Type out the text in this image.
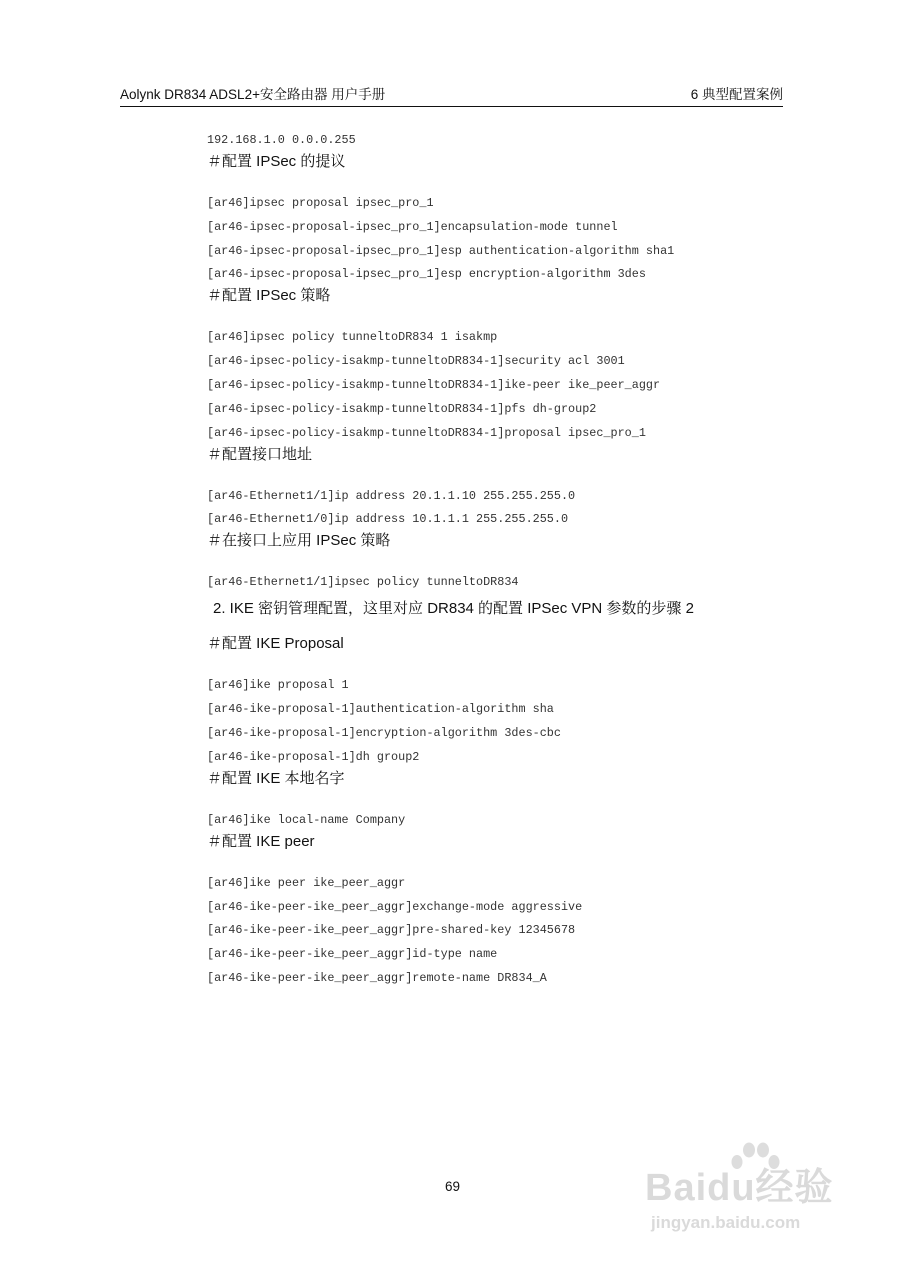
Aolynk DR834 ADSL2+安全路由器 用户手册	6 典型配置案例
192.168.1.0 0.0.0.255
＃配置 IPSec 的提议
[ar46]ipsec proposal ipsec_pro_1
[ar46-ipsec-proposal-ipsec_pro_1]encapsulation-mode tunnel
[ar46-ipsec-proposal-ipsec_pro_1]esp authentication-algorithm sha1
[ar46-ipsec-proposal-ipsec_pro_1]esp encryption-algorithm 3des
＃配置 IPSec 策略
[ar46]ipsec policy tunneltoDR834 1 isakmp
[ar46-ipsec-policy-isakmp-tunneltoDR834-1]security acl 3001
[ar46-ipsec-policy-isakmp-tunneltoDR834-1]ike-peer ike_peer_aggr
[ar46-ipsec-policy-isakmp-tunneltoDR834-1]pfs dh-group2
[ar46-ipsec-policy-isakmp-tunneltoDR834-1]proposal ipsec_pro_1
＃配置接口地址
[ar46-Ethernet1/1]ip address 20.1.1.10 255.255.255.0
[ar46-Ethernet1/0]ip address 10.1.1.1 255.255.255.0
＃在接口上应用 IPSec 策略
[ar46-Ethernet1/1]ipsec policy tunneltoDR834
2. IKE 密钥管理配置，这里对应 DR834 的配置 IPSec VPN 参数的步骤 2
＃配置 IKE Proposal
[ar46]ike proposal 1
[ar46-ike-proposal-1]authentication-algorithm sha
[ar46-ike-proposal-1]encryption-algorithm 3des-cbc
[ar46-ike-proposal-1]dh group2
＃配置 IKE 本地名字
[ar46]ike local-name Company
＃配置 IKE peer
[ar46]ike peer ike_peer_aggr
[ar46-ike-peer-ike_peer_aggr]exchange-mode aggressive
[ar46-ike-peer-ike_peer_aggr]pre-shared-key 12345678
[ar46-ike-peer-ike_peer_aggr]id-type name
[ar46-ike-peer-ike_peer_aggr]remote-name DR834_A
69	Baidu经验
jingyan.baidu.com
